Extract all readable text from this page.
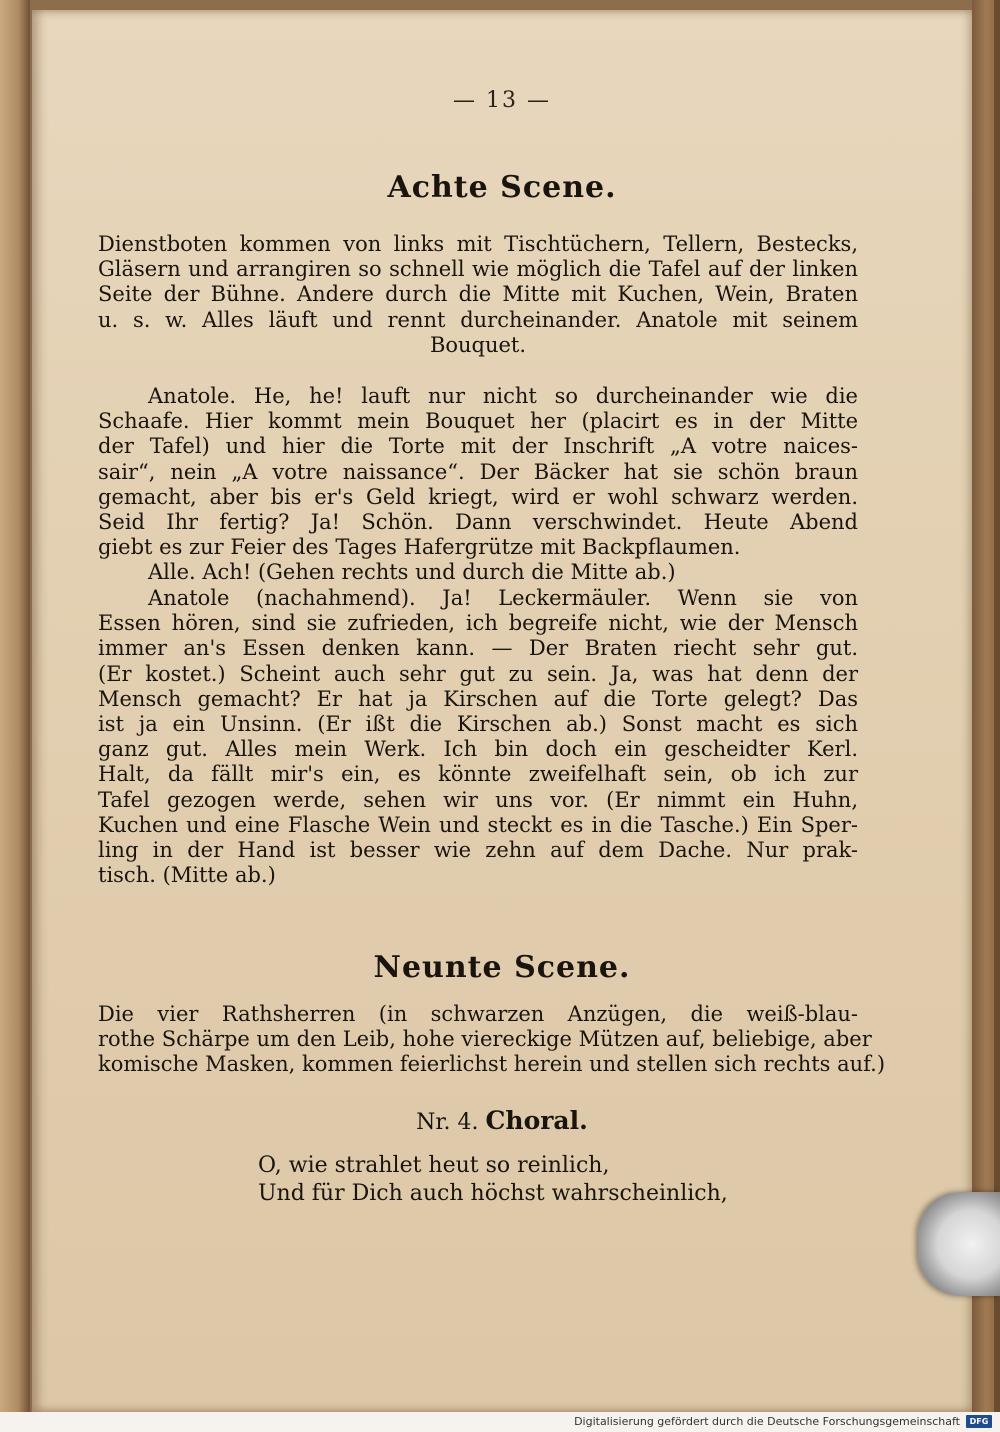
— 13 —
Achte Scene.
Dienstboten kommen von links mit Tischtüchern, Tellern, Bestecks,
Gläsern und arrangiren so schnell wie möglich die Tafel auf der linken
Seite der Bühne. Andere durch die Mitte mit Kuchen, Wein, Braten
u. s. w. Alles läuft und rennt durcheinander. Anatole mit seinem
Bouquet.
Anatole. He, he! lauft nur nicht so durcheinander wie die
Schaafe. Hier kommt mein Bouquet her (placirt es in der Mitte
der Tafel) und hier die Torte mit der Inschrift „A votre naices-
sair“, nein „A votre naissance“. Der Bäcker hat sie schön braun
gemacht, aber bis er's Geld kriegt, wird er wohl schwarz werden.
Seid Ihr fertig? Ja! Schön. Dann verschwindet. Heute Abend
giebt es zur Feier des Tages Hafergrütze mit Backpflaumen.
Alle. Ach! (Gehen rechts und durch die Mitte ab.)
Anatole (nachahmend). Ja! Leckermäuler. Wenn sie von
Essen hören, sind sie zufrieden, ich begreife nicht, wie der Mensch
immer an's Essen denken kann. — Der Braten riecht sehr gut.
(Er kostet.) Scheint auch sehr gut zu sein. Ja, was hat denn der
Mensch gemacht? Er hat ja Kirschen auf die Torte gelegt? Das
ist ja ein Unsinn. (Er ißt die Kirschen ab.) Sonst macht es sich
ganz gut. Alles mein Werk. Ich bin doch ein gescheidter Kerl.
Halt, da fällt mir's ein, es könnte zweifelhaft sein, ob ich zur
Tafel gezogen werde, sehen wir uns vor. (Er nimmt ein Huhn,
Kuchen und eine Flasche Wein und steckt es in die Tasche.) Ein Sper-
ling in der Hand ist besser wie zehn auf dem Dache. Nur prak-
tisch. (Mitte ab.)
Neunte Scene.
Die vier Rathsherren (in schwarzen Anzügen, die weiß-blau-
rothe Schärpe um den Leib, hohe viereckige Mützen auf, beliebige, aber
komische Masken, kommen feierlichst herein und stellen sich rechts auf.)
Nr. 4. Choral.
O, wie strahlet heut so reinlich,
Und für Dich auch höchst wahrscheinlich,
Digitalisierung gefördert durch die Deutsche Forschungsgemeinschaft	DFG
